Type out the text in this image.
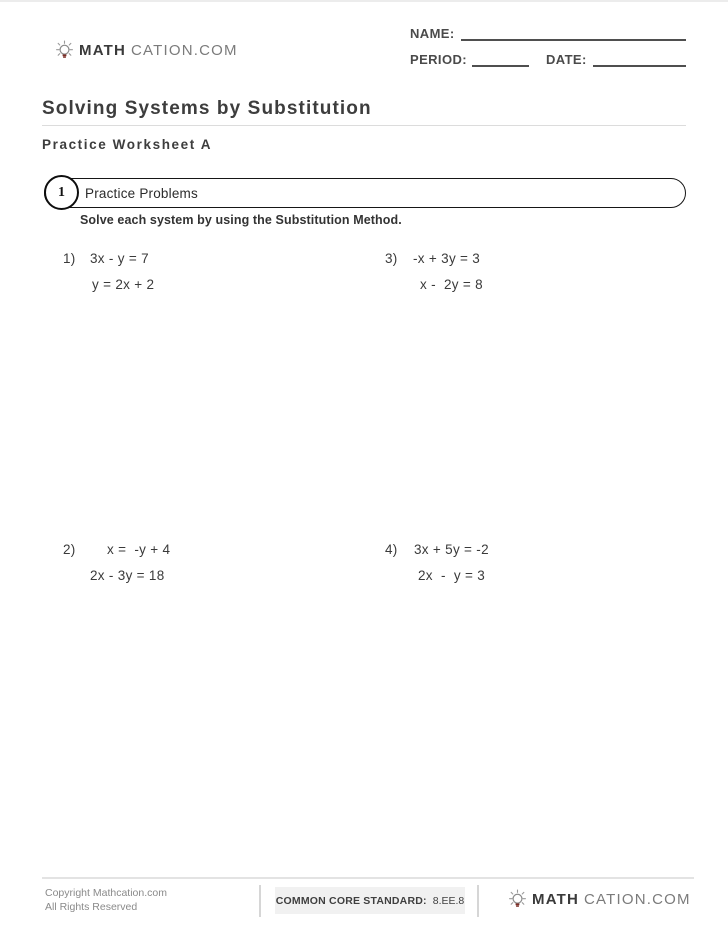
MATH CATION.COM
NAME:
PERIOD:	DATE:
Solving Systems by Substitution
Practice Worksheet A
Practice Problems
1
Solve each system by using the Substitution Method.
1) 3x - y = 7
y = 2x + 2
3) -x + 3y = 3
x -  2y = 8
2) x =  -y + 4
2x - 3y = 18
4) 3x + 5y = -2
2x  -  y = 3
Copyright Mathcation.com
All Rights Reserved
COMMON CORE STANDARD: 8.EE.8	MATH CATION.COM
